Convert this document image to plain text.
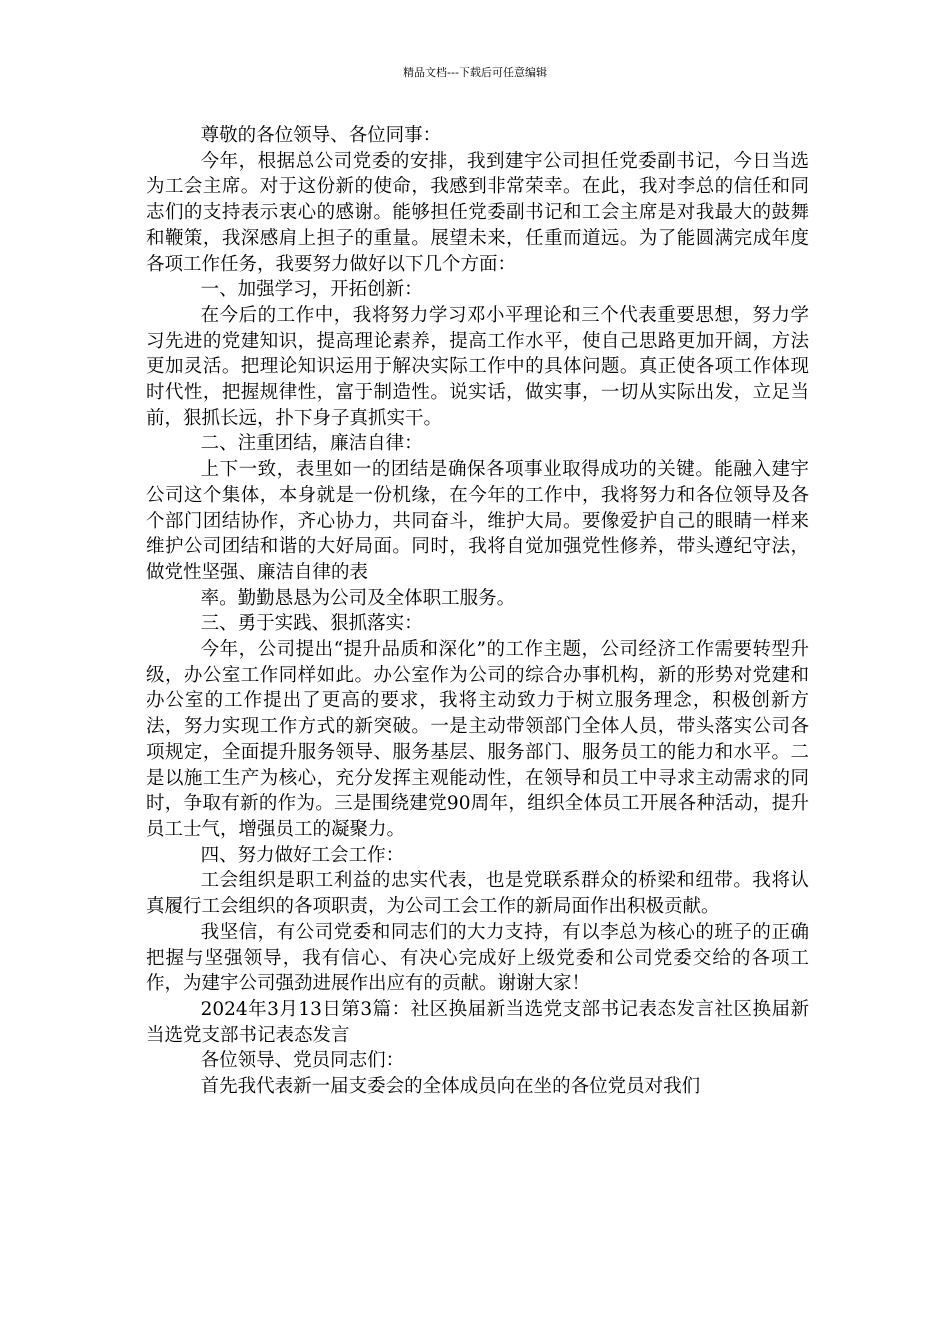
精品文档---下载后可任意编辑

尊敬的各位领导、各位同事：

今年，根据总公司党委的安排，我到建宇公司担任党委副书记，今日当选为工会主席。对于这份新的使命，我感到非常荣幸。在此，我对李总的信任和同志们的支持表示衷心的感谢。能够担任党委副书记和工会主席是对我最大的鼓舞和鞭策，我深感肩上担子的重量。展望未来，任重而道远。为了能圆满完成年度各项工作任务，我要努力做好以下几个方面：

一、加强学习，开拓创新：

在今后的工作中，我将努力学习邓小平理论和三个代表重要思想，努力学习先进的党建知识，提高理论素养，提高工作水平，使自己思路更加开阔，方法更加灵活。把理论知识运用于解决实际工作中的具体问题。真正使各项工作体现时代性，把握规律性，富于制造性。说实话，做实事，一切从实际出发，立足当前，狠抓长远，扑下身子真抓实干。

二、注重团结，廉洁自律：

上下一致，表里如一的团结是确保各项事业取得成功的关键。能融入建宇公司这个集体，本身就是一份机缘，在今年的工作中，我将努力和各位领导及各个部门团结协作，齐心协力，共同奋斗，维护大局。要像爱护自己的眼睛一样来维护公司团结和谐的大好局面。同时，我将自觉加强党性修养，带头遵纪守法，做党性坚强、廉洁自律的表

率。勤勤恳恳为公司及全体职工服务。

三、勇于实践、狠抓落实：

今年，公司提出“提升品质和深化”的工作主题，公司经济工作需要转型升级，办公室工作同样如此。办公室作为公司的综合办事机构，新的形势对党建和办公室的工作提出了更高的要求，我将主动致力于树立服务理念，积极创新方法，努力实现工作方式的新突破。一是主动带领部门全体人员，带头落实公司各项规定，全面提升服务领导、服务基层、服务部门、服务员工的能力和水平。二是以施工生产为核心，充分发挥主观能动性，在领导和员工中寻求主动需求的同时，争取有新的作为。三是围绕建党90周年，组织全体员工开展各种活动，提升员工士气，增强员工的凝聚力。

四、努力做好工会工作：

工会组织是职工利益的忠实代表，也是党联系群众的桥梁和纽带。我将认真履行工会组织的各项职责，为公司工会工作的新局面作出积极贡献。

我坚信，有公司党委和同志们的大力支持，有以李总为核心的班子的正确把握与坚强领导，我有信心、有决心完成好上级党委和公司党委交给的各项工作，为建宇公司强劲进展作出应有的贡献。谢谢大家！

2024年3月13日第3篇：社区换届新当选党支部书记表态发言社区换届新当选党支部书记表态发言

各位领导、党员同志们：

首先我代表新一届支委会的全体成员向在坐的各位党员对我们
